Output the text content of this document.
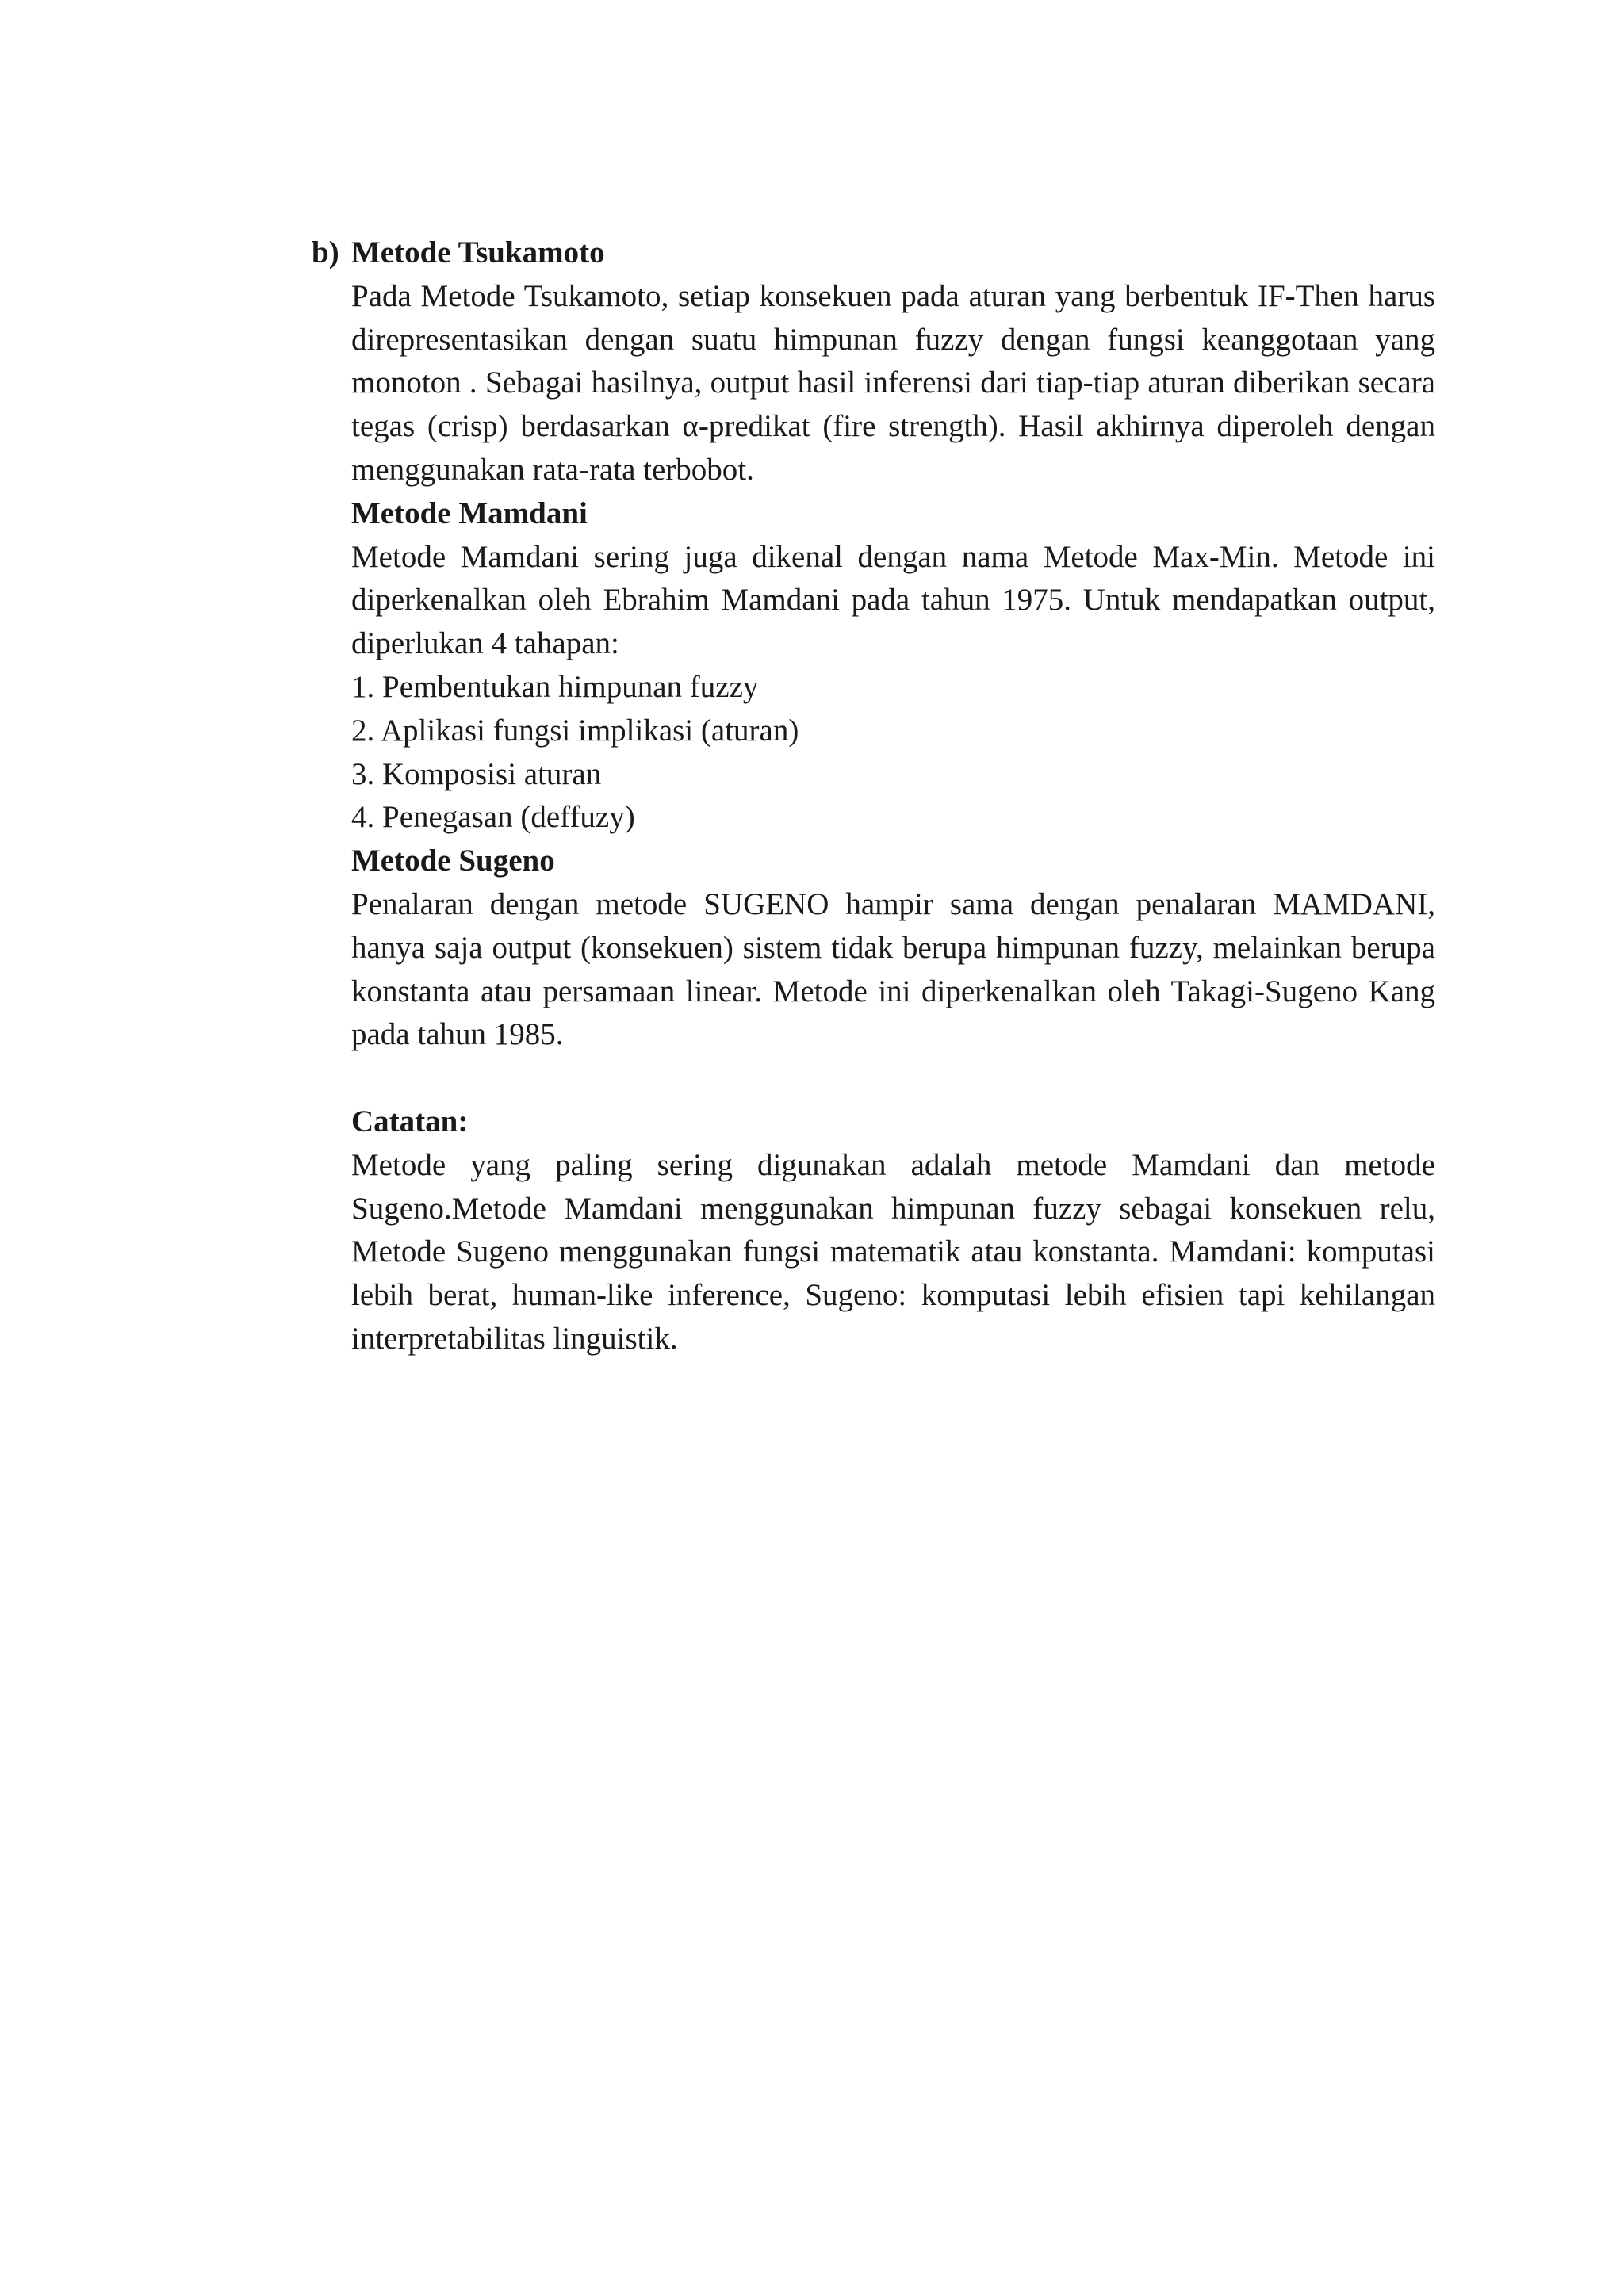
b) Metode Tsukamoto

Pada Metode Tsukamoto, setiap konsekuen pada aturan yang berbentuk IF-Then harus direpresentasikan dengan suatu himpunan fuzzy dengan fungsi keanggotaan yang monoton . Sebagai hasilnya, output hasil inferensi dari tiap-tiap aturan diberikan secara tegas (crisp) berdasarkan α-predikat (fire strength). Hasil akhirnya diperoleh dengan menggunakan rata-rata terbobot.

Metode Mamdani

Metode Mamdani sering juga dikenal dengan nama Metode Max-Min. Metode ini diperkenalkan oleh Ebrahim Mamdani pada tahun 1975. Untuk mendapatkan output, diperlukan 4 tahapan:

1. Pembentukan himpunan fuzzy

2. Aplikasi fungsi implikasi (aturan)

3. Komposisi aturan

4. Penegasan (deffuzy)

Metode Sugeno

Penalaran dengan metode SUGENO hampir sama dengan penalaran MAMDANI, hanya saja output (konsekuen) sistem tidak berupa himpunan fuzzy, melainkan berupa konstanta atau persamaan linear. Metode ini diperkenalkan oleh Takagi-Sugeno Kang pada tahun 1985.

Catatan:

Metode yang paling sering digunakan adalah metode Mamdani dan metode Sugeno.Metode Mamdani menggunakan himpunan fuzzy sebagai konsekuen relu, Metode Sugeno menggunakan fungsi matematik atau konstanta. Mamdani: komputasi lebih berat, human-like inference, Sugeno: komputasi lebih efisien tapi kehilangan interpretabilitas linguistik.
